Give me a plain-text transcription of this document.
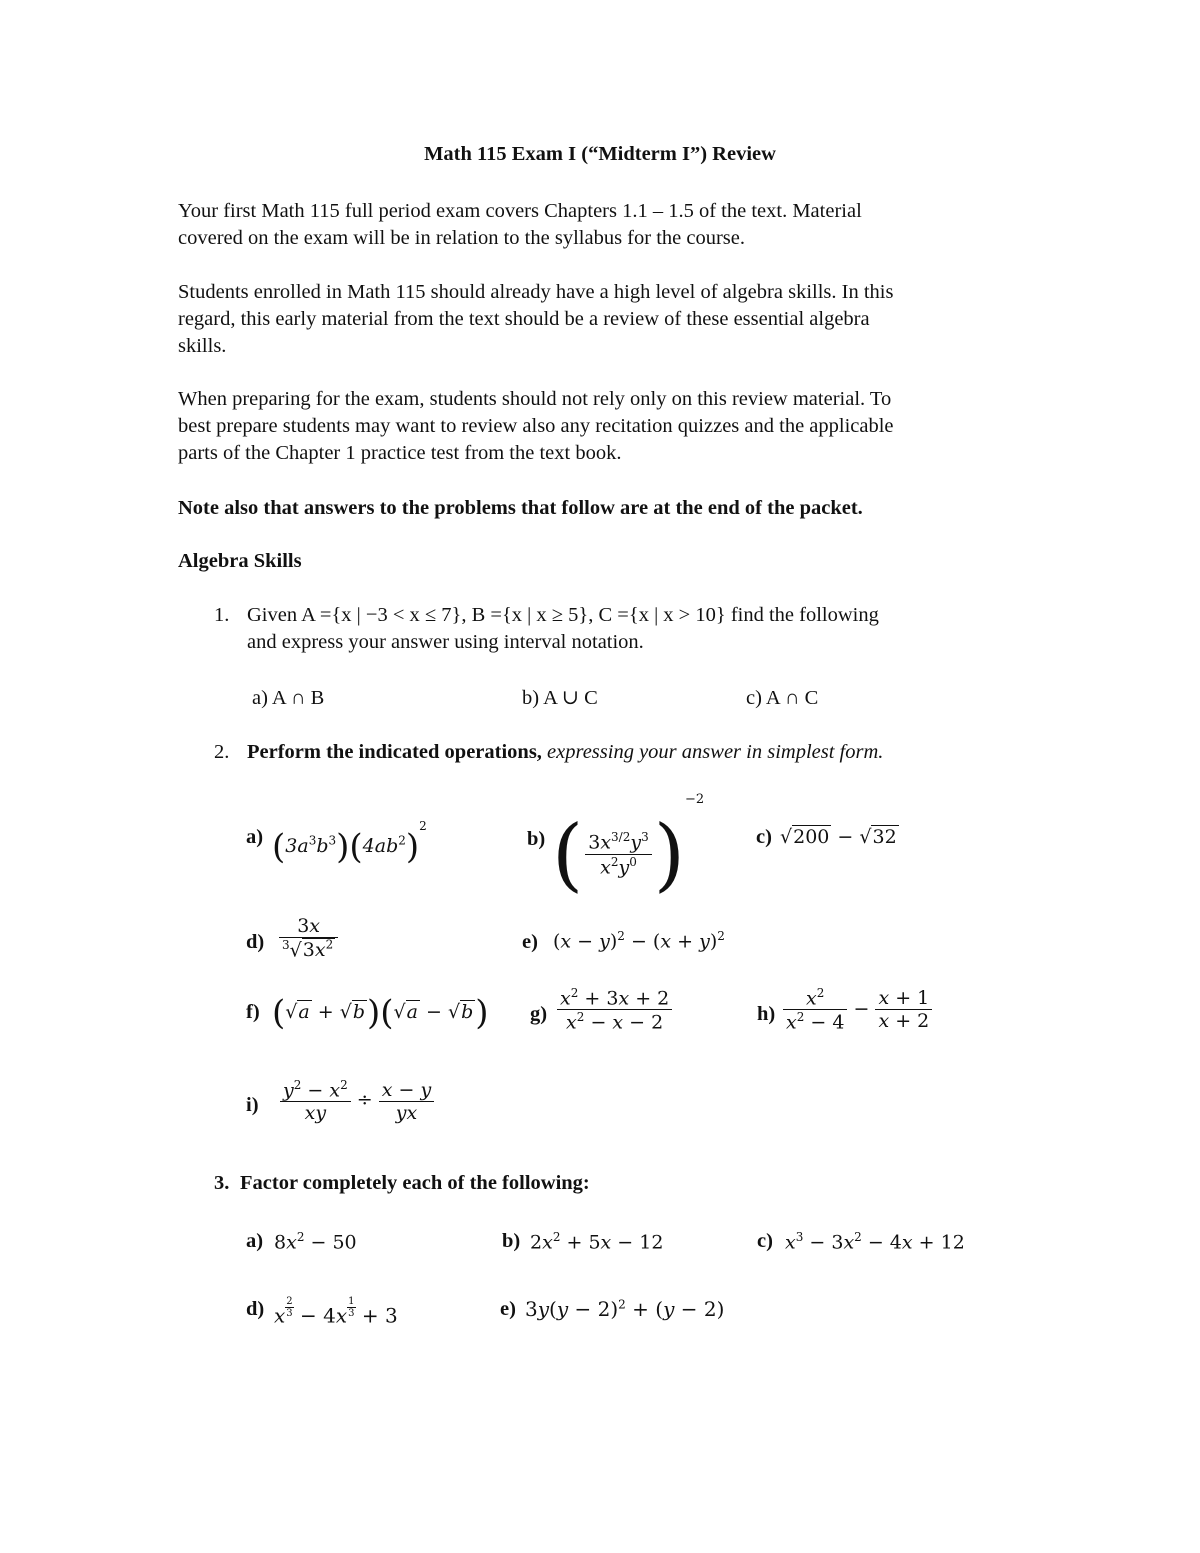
Math 115 Exam I (“Midterm I”) Review
Your first Math 115 full period exam covers Chapters 1.1 – 1.5 of the text. Material
covered on the exam will be in relation to the syllabus for the course.
Students enrolled in Math 115 should already have a high level of algebra skills. In this
regard, this early material from the text should be a review of these essential algebra
skills.
When preparing for the exam, students should not rely only on this review material. To
best prepare students may want to review also any recitation quizzes and the applicable
parts of the Chapter 1 practice test from the text book.
Note also that answers to the problems that follow are at the end of the packet.
Algebra Skills
1. Given A ={x | −3 < x ≤ 7}, B ={x | x ≥ 5}, C ={x | x > 10} find the following
and express your answer using interval notation.
a) A ∩ B	b) A ∪ C	c) A ∩ C
2. Perform the indicated operations, expressing your answer in simplest form.
a) $(3a^3b^3)(4ab^2)^2$
b) ( $\frac{3x^{3/2}y^3}{x^2y^0} )^{-2}$
c) √200 − √32
$d) \frac{3x}{^3√3x^2}$	e) $(x - y)^2 - (x + y)^2$
f) (√a + √b)(√a − √b) $g) \frac{x^2 + 3x + 2}{x^2 - x - 2}$	$h) \frac{x^2}{x^2 - 4} - \frac{x + 1}{x + 2}$
$i) \frac{y^2 - x^2}{xy} \div \frac{x - y}{yx}$
3. Factor completely each of the following:
a) $8x^2 - 50$	b) $2x^2 + 5x - 12$	c) $x^3 - 3x^2 - 4x + 12$
d) x $^{\frac{2}{3}}$ − 4x $^{\frac{1}{3}}$ + 3	e) $3y(y - 2)^2 + (y - 2)$
